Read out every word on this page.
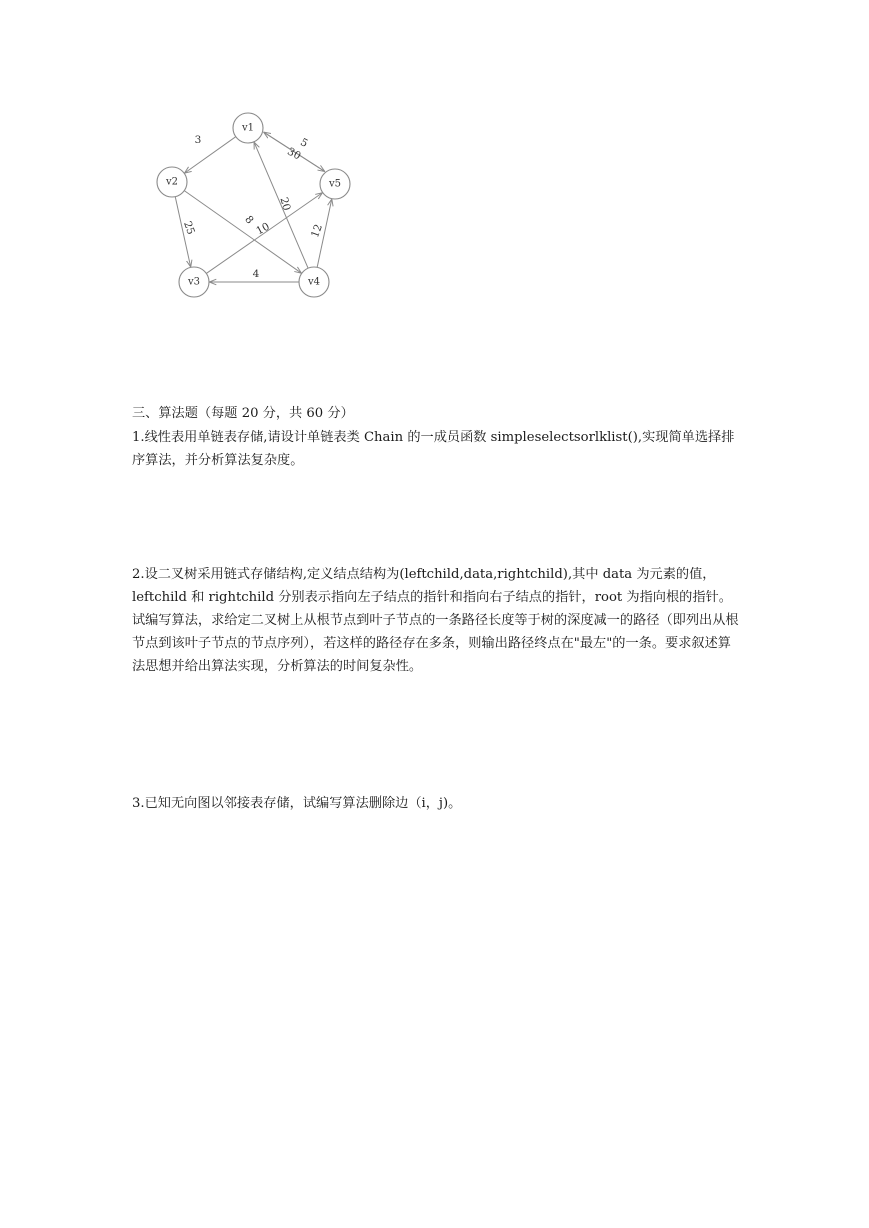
3	5
30
25	8
10
20
4
12
v1
v2
v3	v4
v5

三、算法题（每题 20 分，共 60 分）

1.线性表用单链表存储,请设计单链表类 Chain 的一成员函数 simpleselectsorlklist(),实现简单选择排序算法，并分析算法复杂度。

2.设二叉树采用链式存储结构,定义结点结构为(leftchild,data,rightchild),其中 data 为元素的值，leftchild 和 rightchild 分别表示指向左子结点的指针和指向右子结点的指针，root 为指向根的指针。试编写算法，求给定二叉树上从根节点到叶子节点的一条路径长度等于树的深度减一的路径（即列出从根节点到该叶子节点的节点序列），若这样的路径存在多条，则输出路径终点在"最左"的一条。要求叙述算法思想并给出算法实现，分析算法的时间复杂性。

3.已知无向图以邻接表存储，试编写算法删除边（i，j)。
